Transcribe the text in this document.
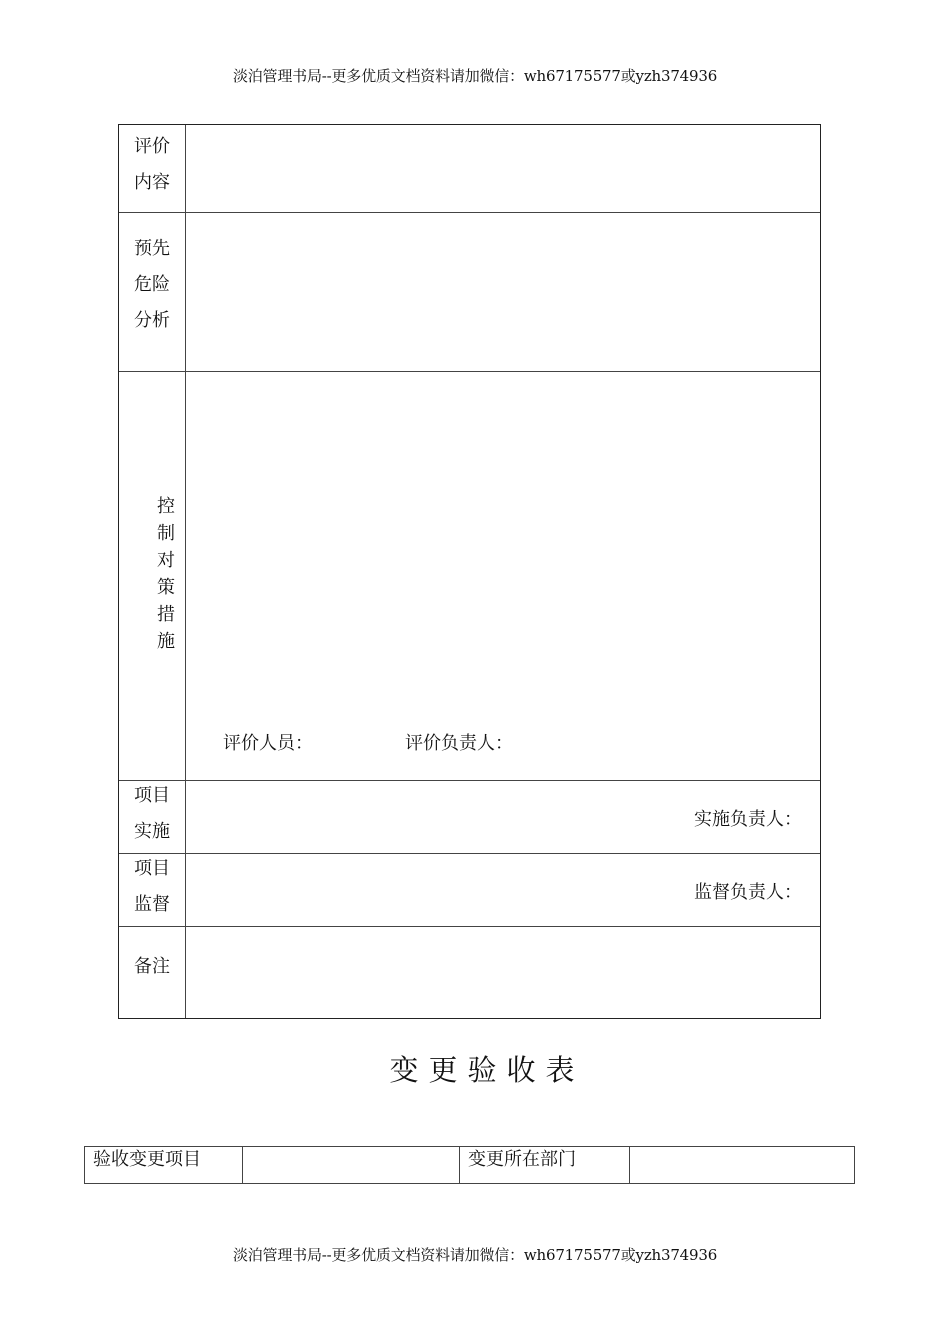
淡泊管理书局--更多优质文档资料请加微信：wh67175577或yzh374936
评价
内容
预先
危险
分析
控
制
对
策
措
施
评价人员：	评价负责人：
项目
实施
实施负责人：
项目
监督
监督负责人：
备注
变更验收表
验收变更项目	变更所在部门
淡泊管理书局--更多优质文档资料请加微信：wh67175577或yzh374936
